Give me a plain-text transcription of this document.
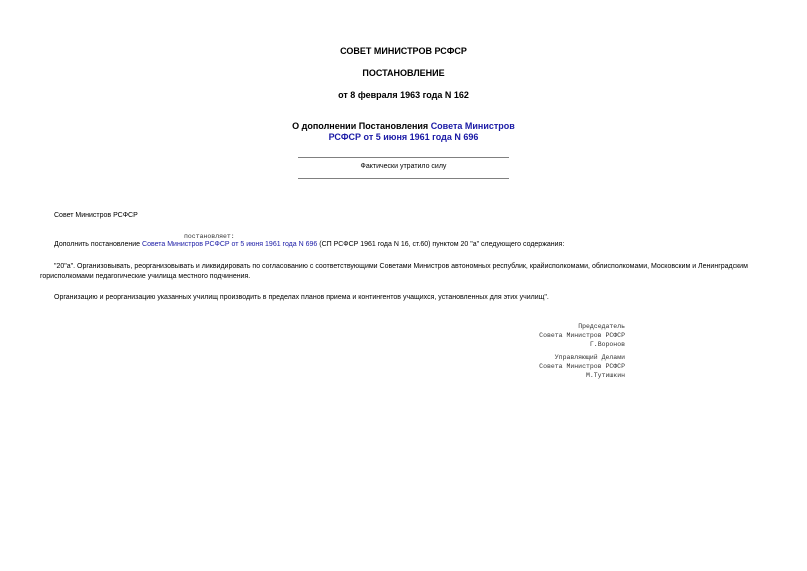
СОВЕТ МИНИСТРОВ РСФСР
ПОСТАНОВЛЕНИЕ
от 8 февраля 1963 года N 162
О дополнении Постановления Совета Министров
РСФСР от 5 июня 1961 года N 696
Фактически утратило силу
Совет Министров РСФСР
постановляет:
Дополнить постановление Совета Министров РСФСР от 5 июня 1961 года N 696 (СП РСФСР 1961 года N 16, ст.60) пунктом 20 "а" следующего содержания:
"20"а". Организовывать, реорганизовывать и ликвидировать по согласованию с соответствующими Советами Министров автономных республик, крайисполкомами, облисполкомами, Московским и Ленинградским горисполкомами педагогические училища местного подчинения.
Организацию и реорганизацию указанных училищ производить в пределах планов приема и контингентов учащихся, установленных для этих училищ".
Председатель
Совета Министров РСФСР
Г.Воронов
Управляющий Делами
Совета Министров РСФСР
М.Тутишкин
